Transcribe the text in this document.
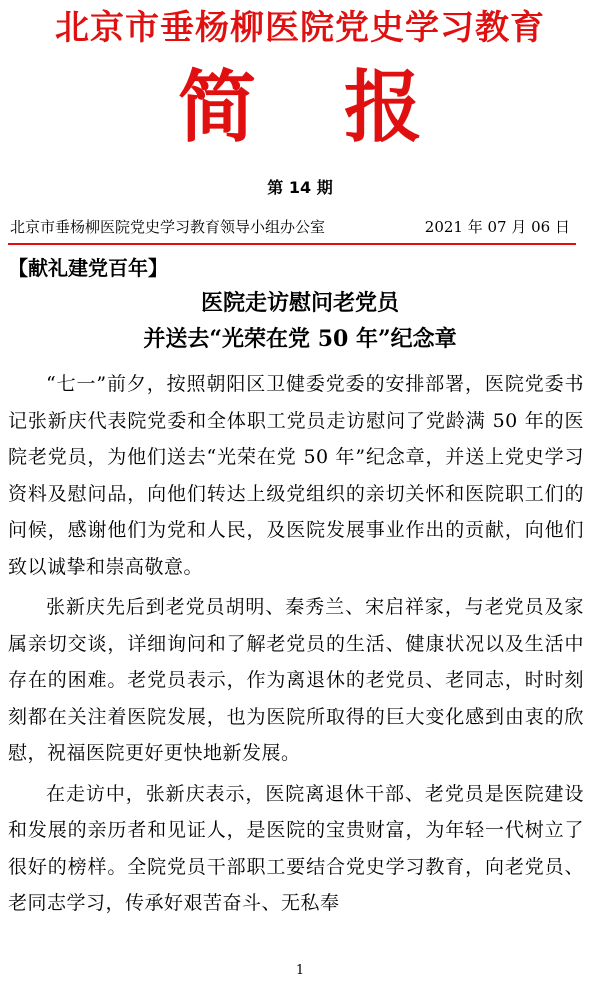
北京市垂杨柳医院党史学习教育
简报
第 14 期
北京市垂杨柳医院党史学习教育领导小组办公室	2021 年 07 月 06 日
【献礼建党百年】
医院走访慰问老党员
并送去“光荣在党 50 年”纪念章

“七一”前夕，按照朝阳区卫健委党委的安排部署，医院党委书记张新庆代表院党委和全体职工党员走访慰问了党龄满 50 年的医院老党员，为他们送去“光荣在党 50 年”纪念章，并送上党史学习资料及慰问品，向他们转达上级党组织的亲切关怀和医院职工们的问候，感谢他们为党和人民，及医院发展事业作出的贡献，向他们致以诚挚和崇高敬意。

张新庆先后到老党员胡明、秦秀兰、宋启祥家，与老党员及家属亲切交谈，详细询问和了解老党员的生活、健康状况以及生活中存在的困难。老党员表示，作为离退休的老党员、老同志，时时刻刻都在关注着医院发展，也为医院所取得的巨大变化感到由衷的欣慰，祝福医院更好更快地新发展。

在走访中，张新庆表示，医院离退休干部、老党员是医院建设和发展的亲历者和见证人，是医院的宝贵财富，为年轻一代树立了很好的榜样。全院党员干部职工要结合党史学习教育，向老党员、老同志学习，传承好艰苦奋斗、无私奉

1
